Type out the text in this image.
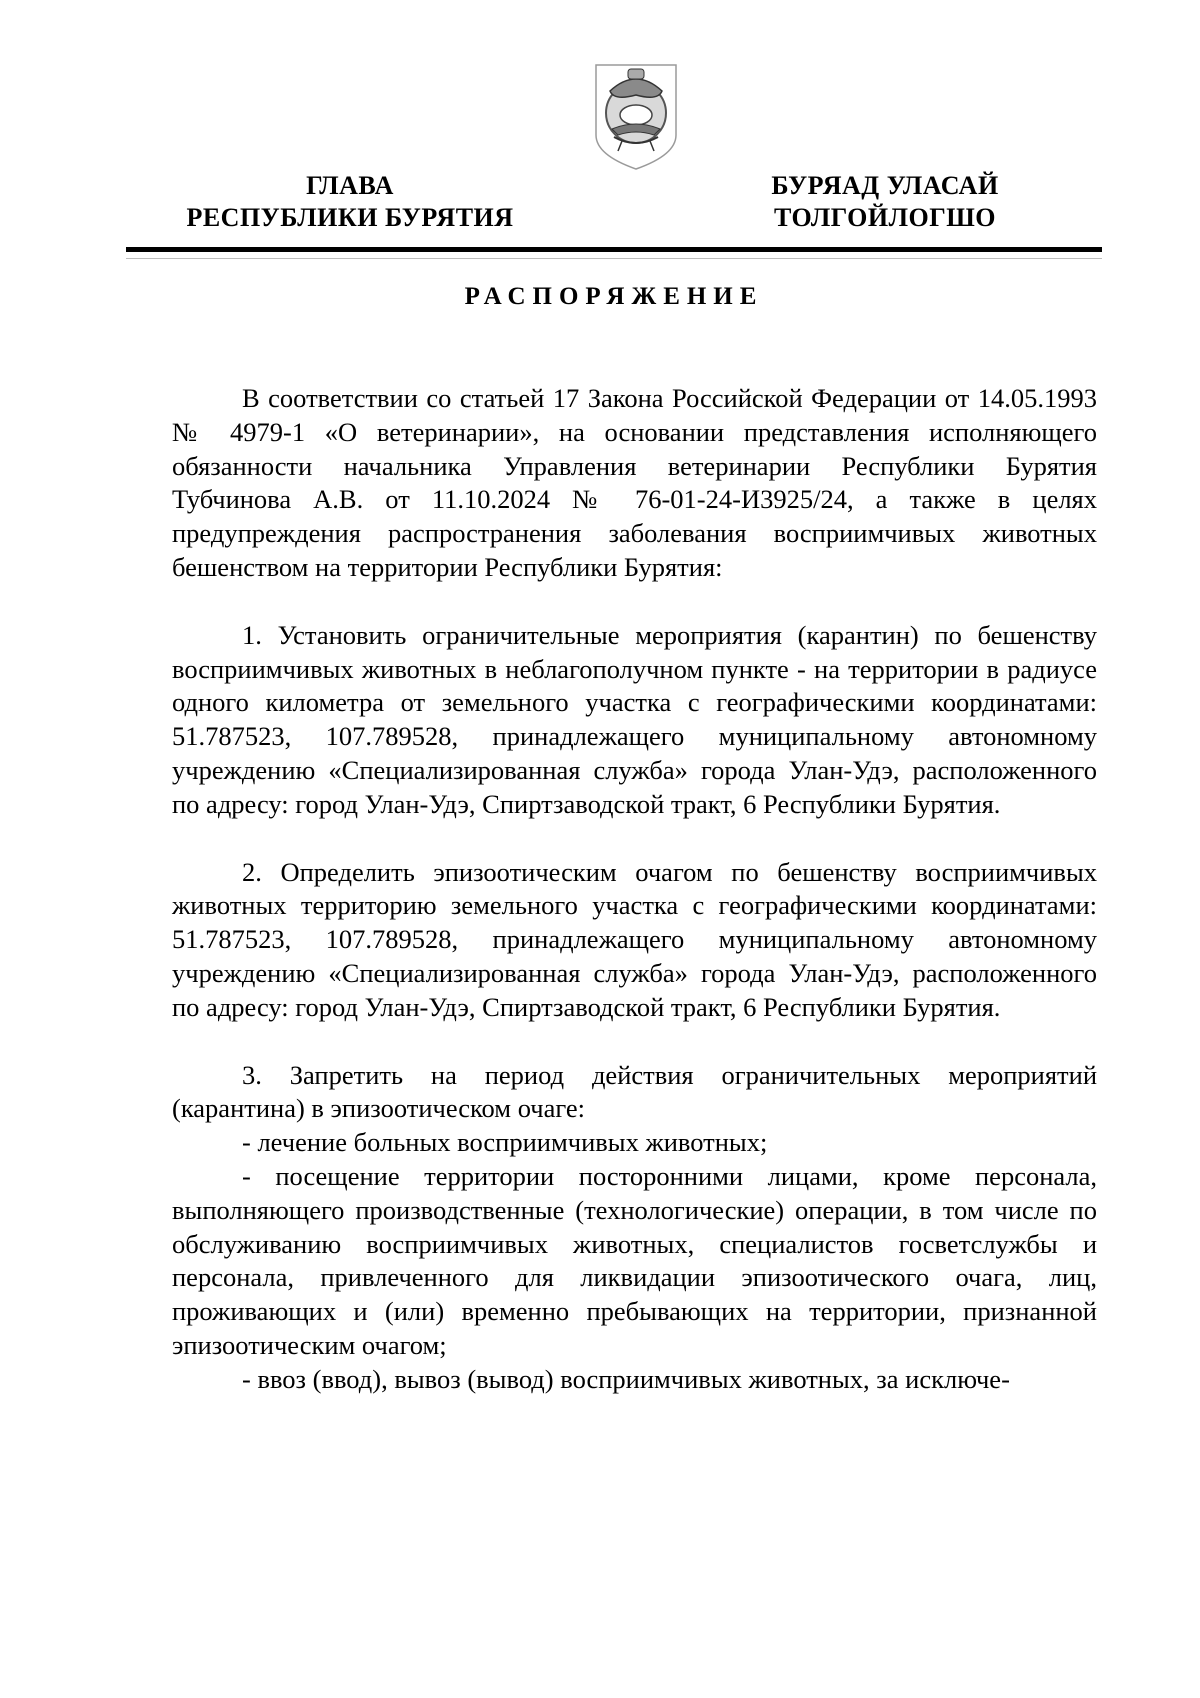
ГЛАВА
РЕСПУБЛИКИ БУРЯТИЯ
БУРЯАД УЛАСАЙ
ТОЛГОЙЛОГШО
РАСПОРЯЖЕНИЕ

В соответствии со статьей 17 Закона Российской Федерации от 14.05.1993 № 4979-1 «О ветеринарии», на основании представления исполняющего обязанности начальника Управления ветеринарии Республики Бурятия Тубчинова А.В. от 11.10.2024 № 76-01-24-И3925/24, а также в целях предупреждения распространения заболевания восприимчивых животных бешенством на территории Республики Бурятия:

1. Установить ограничительные мероприятия (карантин) по бешенству восприимчивых животных в неблагополучном пункте - на территории в радиусе одного километра от земельного участка с географическими координатами: 51.787523, 107.789528, принадлежащего муниципальному автономному учреждению «Специализированная служба» города Улан-Удэ, расположенного по адресу: город Улан-Удэ, Спиртзаводской тракт, 6 Республики Бурятия.

2. Определить эпизоотическим очагом по бешенству восприимчивых животных территорию земельного участка с географическими координатами: 51.787523, 107.789528, принадлежащего муниципальному автономному учреждению «Специализированная служба» города Улан-Удэ, расположенного по адресу: город Улан-Удэ, Спиртзаводской тракт, 6 Республики Бурятия.

3. Запретить на период действия ограничительных мероприятий (карантина) в эпизоотическом очаге:

- лечение больных восприимчивых животных;

- посещение территории посторонними лицами, кроме персонала, выполняющего производственные (технологические) операции, в том числе по обслуживанию восприимчивых животных, специалистов госветслужбы и персонала, привлеченного для ликвидации эпизоотического очага, лиц, проживающих и (или) временно пребывающих на территории, признанной эпизоотическим очагом;

- ввоз (ввод), вывоз (вывод) восприимчивых животных, за исключе-
